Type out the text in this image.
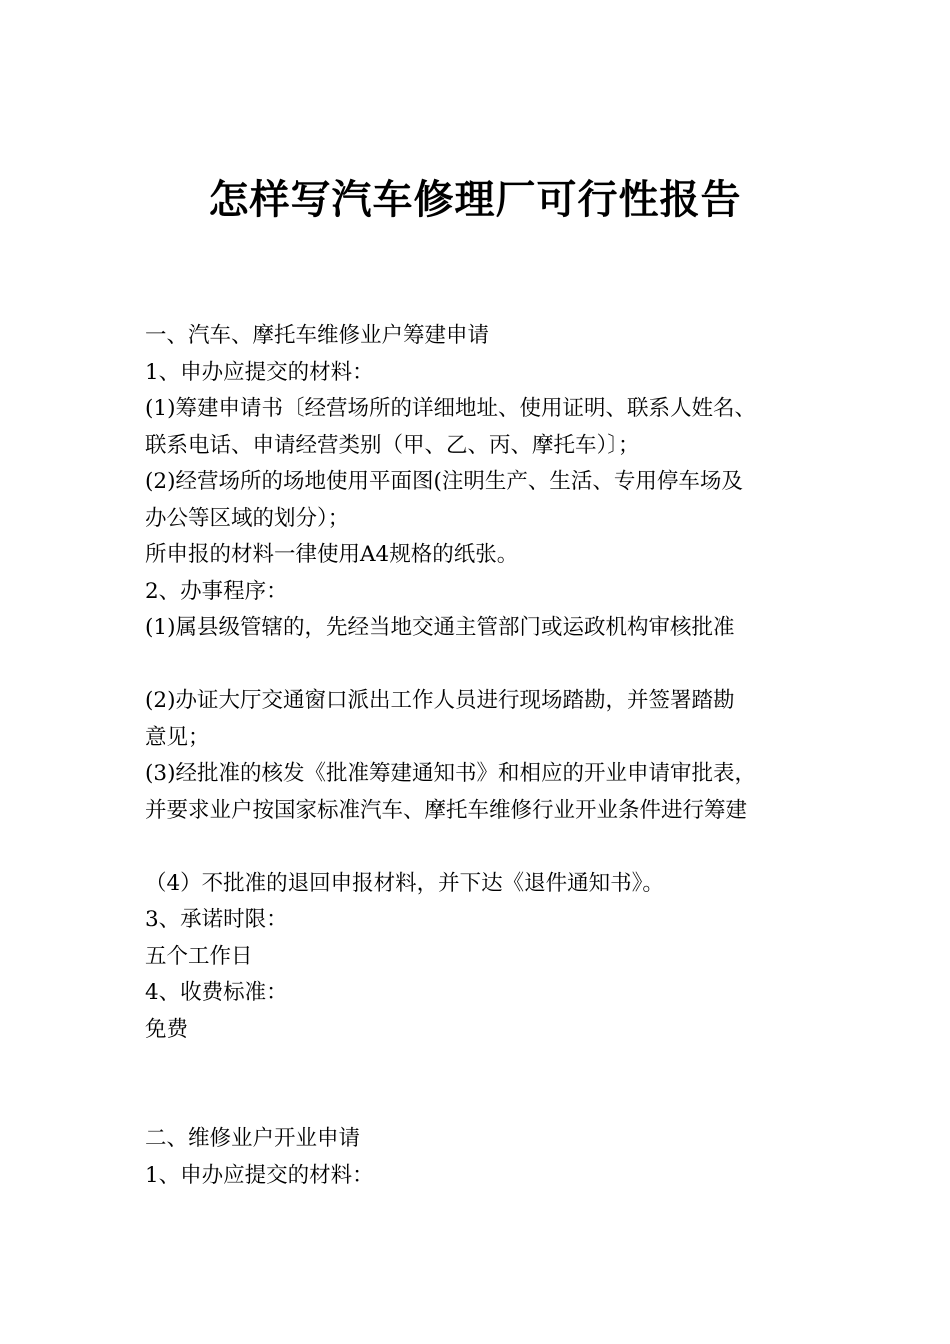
怎样写汽车修理厂可行性报告
一、汽车、摩托车维修业户筹建申请
1、申办应提交的材料：
(1)筹建申请书〔经营场所的详细地址、使用证明、联系人姓名、
联系电话、申请经营类别（甲、乙、丙、摩托车）〕；
(2)经营场所的场地使用平面图(注明生产、生活、专用停车场及
办公等区域的划分）；
所申报的材料一律使用A4规格的纸张。
2、办事程序：
(1)属县级管辖的，先经当地交通主管部门或运政机构审核批准
(2)办证大厅交通窗口派出工作人员进行现场踏勘，并签署踏勘
意见；
(3)经批准的核发《批准筹建通知书》和相应的开业申请审批表，
并要求业户按国家标准汽车、摩托车维修行业开业条件进行筹建
（4）不批准的退回申报材料，并下达《退件通知书》。
3、承诺时限：
五个工作日
4、收费标准：
免费
二、维修业户开业申请
1、申办应提交的材料：
